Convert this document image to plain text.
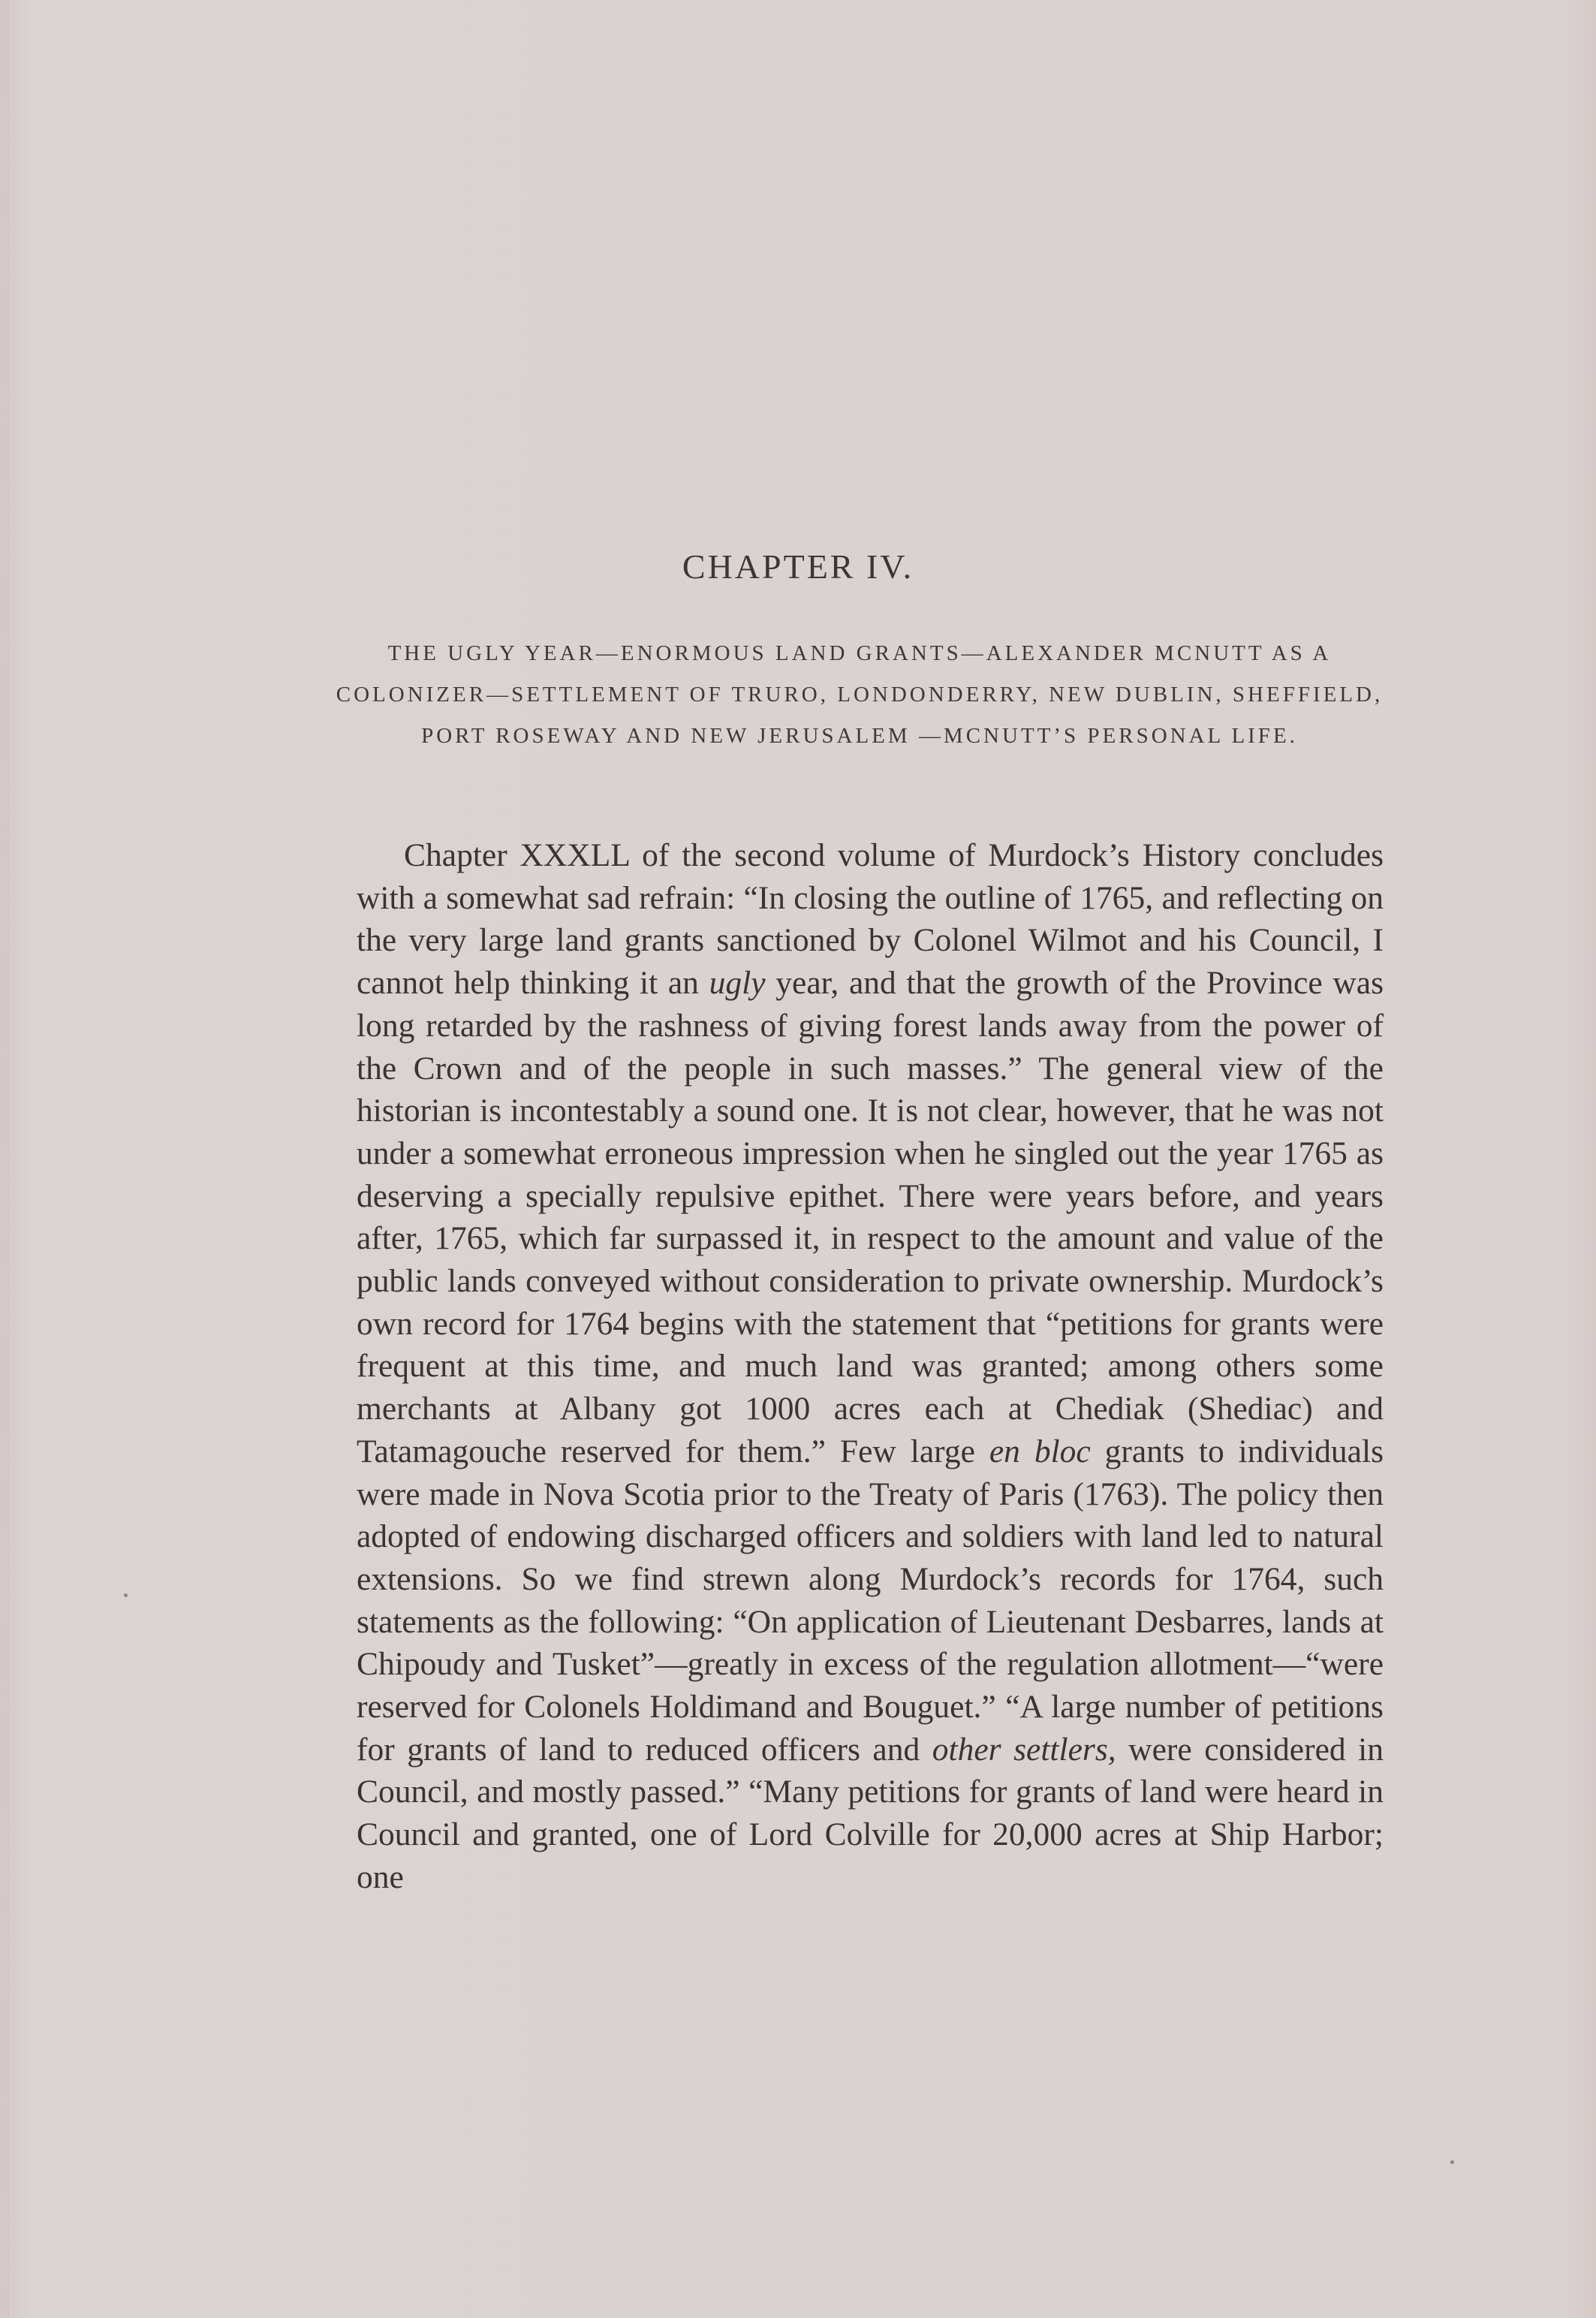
CHAPTER IV.
THE UGLY YEAR—ENORMOUS LAND GRANTS—ALEXANDER MCNUTT AS A COLONIZER—SETTLEMENT OF TRURO, LONDONDERRY, NEW DUBLIN, SHEFFIELD, PORT ROSEWAY AND NEW JERUSALEM —MCNUTT’S PERSONAL LIFE.

Chapter XXXLL of the second volume of Murdock’s History concludes with a somewhat sad refrain: “In closing the outline of 1765, and reflecting on the very large land grants sanctioned by Colonel Wilmot and his Council, I cannot help thinking it an ugly year, and that the growth of the Province was long retarded by the rashness of giving forest lands away from the power of the Crown and of the people in such masses.” The general view of the historian is incontestably a sound one. It is not clear, however, that he was not under a somewhat erroneous impression when he singled out the year 1765 as deserving a specially repulsive epithet. There were years before, and years after, 1765, which far surpassed it, in respect to the amount and value of the public lands conveyed without consideration to private ownership. Murdock’s own record for 1764 begins with the statement that “petitions for grants were frequent at this time, and much land was granted; among others some merchants at Albany got 1000 acres each at Chediak (Shediac) and Tatamagouche reserved for them.” Few large en bloc grants to individuals were made in Nova Scotia prior to the Treaty of Paris (1763). The policy then adopted of endowing discharged officers and soldiers with land led to natural extensions. So we find strewn along Murdock’s records for 1764, such statements as the following: “On application of Lieutenant Desbarres, lands at Chipoudy and Tusket”—greatly in excess of the regulation allotment—“were reserved for Colonels Holdimand and Bouguet.” “A large number of petitions for grants of land to reduced officers and other settlers, were considered in Council, and mostly passed.” “Many petitions for grants of land were heard in Council and granted, one of Lord Colville for 20,000 acres at Ship Harbor; one
